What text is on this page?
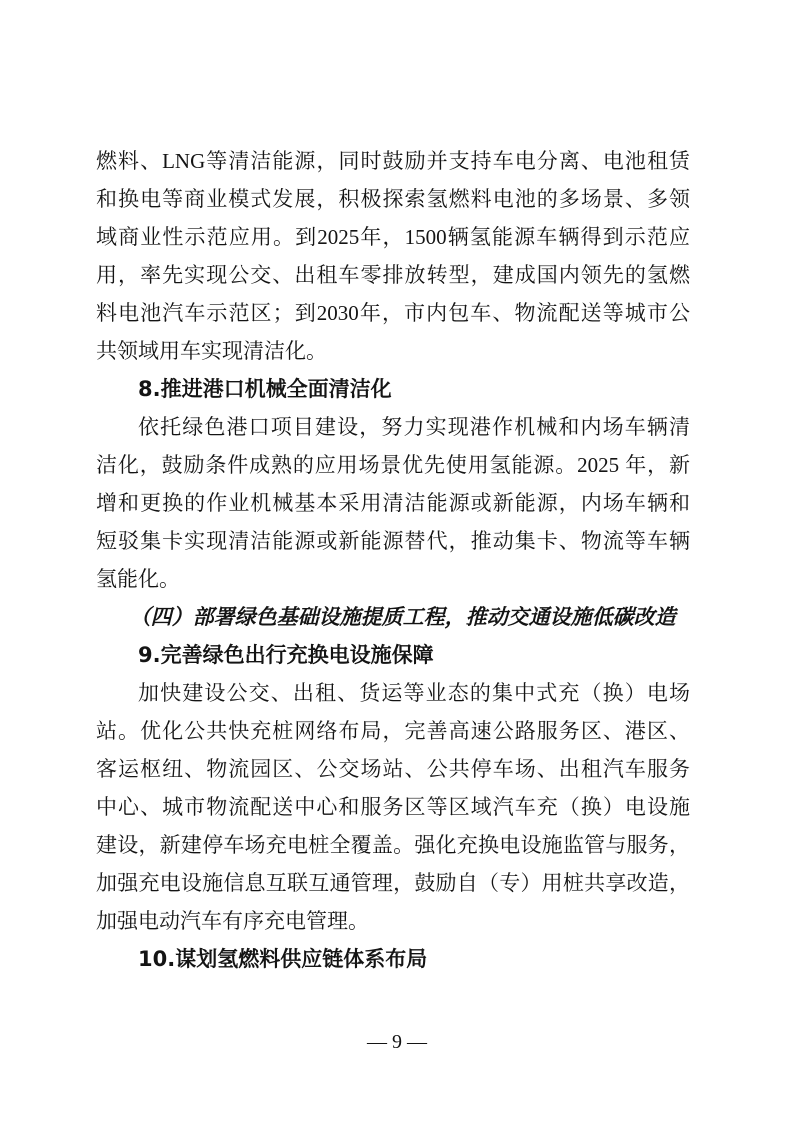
燃料、LNG等清洁能源，同时鼓励并支持车电分离、电池租赁
和换电等商业模式发展，积极探索氢燃料电池的多场景、多领
域商业性示范应用。到2025年，1500辆氢能源车辆得到示范应
用，率先实现公交、出租车零排放转型，建成国内领先的氢燃
料电池汽车示范区；到2030年，市内包车、物流配送等城市公
共领域用车实现清洁化。
8.推进港口机械全面清洁化
依托绿色港口项目建设，努力实现港作机械和内场车辆清
洁化，鼓励条件成熟的应用场景优先使用氢能源。2025 年，新
增和更换的作业机械基本采用清洁能源或新能源，内场车辆和
短驳集卡实现清洁能源或新能源替代，推动集卡、物流等车辆
氢能化。
（四）部署绿色基础设施提质工程，推动交通设施低碳改造
9.完善绿色出行充换电设施保障
加快建设公交、出租、货运等业态的集中式充（换）电场
站。优化公共快充桩网络布局，完善高速公路服务区、港区、
客运枢纽、物流园区、公交场站、公共停车场、出租汽车服务
中心、城市物流配送中心和服务区等区域汽车充（换）电设施
建设，新建停车场充电桩全覆盖。强化充换电设施监管与服务，
加强充电设施信息互联互通管理，鼓励自（专）用桩共享改造，
加强电动汽车有序充电管理。
10.谋划氢燃料供应链体系布局
— 9 —
